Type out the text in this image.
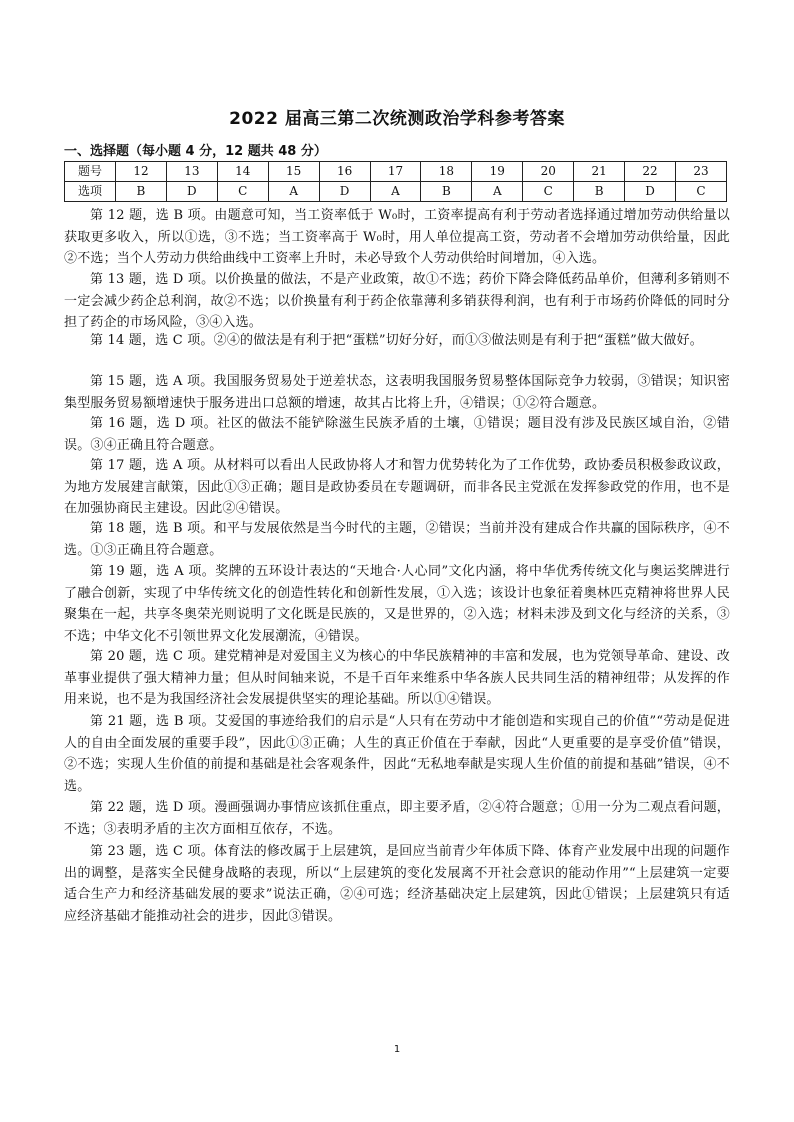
2022 届高三第二次统测政治学科参考答案
一、选择题（每小题 4 分，12 题共 48 分）
题号	12	13	14	15	16	17	18	19	20	21	22	23
选项	B	D	C	A	D	A	B	A	C	B	D	C

第 12 题，选 B 项。由题意可知，当工资率低于 W₀时，工资率提高有利于劳动者选择通过增加劳动供给量以获取更多收入，所以①选，③不选；当工资率高于 W₀时，用人单位提高工资，劳动者不会增加劳动供给量，因此②不选；当个人劳动力供给曲线中工资率上升时，未必导致个人劳动供给时间增加，④入选。

第 13 题，选 D 项。以价换量的做法，不是产业政策，故①不选；药价下降会降低药品单价，但薄利多销则不一定会减少药企总利润，故②不选；以价换量有利于药企依靠薄利多销获得利润，也有利于市场药价降低的同时分担了药企的市场风险，③④入选。

第 14 题，选 C 项。②④的做法是有利于把“蛋糕”切好分好，而①③做法则是有利于把“蛋糕”做大做好。

第 15 题，选 A 项。我国服务贸易处于逆差状态，这表明我国服务贸易整体国际竞争力较弱，③错误；知识密集型服务贸易额增速快于服务进出口总额的增速，故其占比将上升，④错误；①②符合题意。

第 16 题，选 D 项。社区的做法不能铲除滋生民族矛盾的土壤，①错误；题目没有涉及民族区域自治，②错误。③④正确且符合题意。

第 17 题，选 A 项。从材料可以看出人民政协将人才和智力优势转化为了工作优势，政协委员积极参政议政，为地方发展建言献策，因此①③正确；题目是政协委员在专题调研，而非各民主党派在发挥参政党的作用，也不是在加强协商民主建设。因此②④错误。

第 18 题，选 B 项。和平与发展依然是当今时代的主题，②错误；当前并没有建成合作共赢的国际秩序，④不选。①③正确且符合题意。

第 19 题，选 A 项。奖牌的五环设计表达的“天地合·人心同”文化内涵，将中华优秀传统文化与奥运奖牌进行了融合创新，实现了中华传统文化的创造性转化和创新性发展，①入选；该设计也象征着奥林匹克精神将世界人民聚集在一起，共享冬奥荣光则说明了文化既是民族的，又是世界的，②入选；材料未涉及到文化与经济的关系，③不选；中华文化不引领世界文化发展潮流，④错误。

第 20 题，选 C 项。建党精神是对爱国主义为核心的中华民族精神的丰富和发展，也为党领导革命、建设、改革事业提供了强大精神力量；但从时间轴来说，不是千百年来维系中华各族人民共同生活的精神纽带；从发挥的作用来说，也不是为我国经济社会发展提供坚实的理论基础。所以①④错误。

第 21 题，选 B 项。艾爱国的事迹给我们的启示是“人只有在劳动中才能创造和实现自己的价值”“劳动是促进人的自由全面发展的重要手段”，因此①③正确；人生的真正价值在于奉献，因此“人更重要的是享受价值”错误，②不选；实现人生价值的前提和基础是社会客观条件，因此“无私地奉献是实现人生价值的前提和基础”错误，④不选。

第 22 题，选 D 项。漫画强调办事情应该抓住重点，即主要矛盾，②④符合题意；①用一分为二观点看问题，不选；③表明矛盾的主次方面相互依存，不选。

第 23 题，选 C 项。体育法的修改属于上层建筑，是回应当前青少年体质下降、体育产业发展中出现的问题作出的调整，是落实全民健身战略的表现，所以“上层建筑的变化发展离不开社会意识的能动作用”“上层建筑一定要适合生产力和经济基础发展的要求”说法正确，②④可选；经济基础决定上层建筑，因此①错误；上层建筑只有适应经济基础才能推动社会的进步，因此③错误。

1
